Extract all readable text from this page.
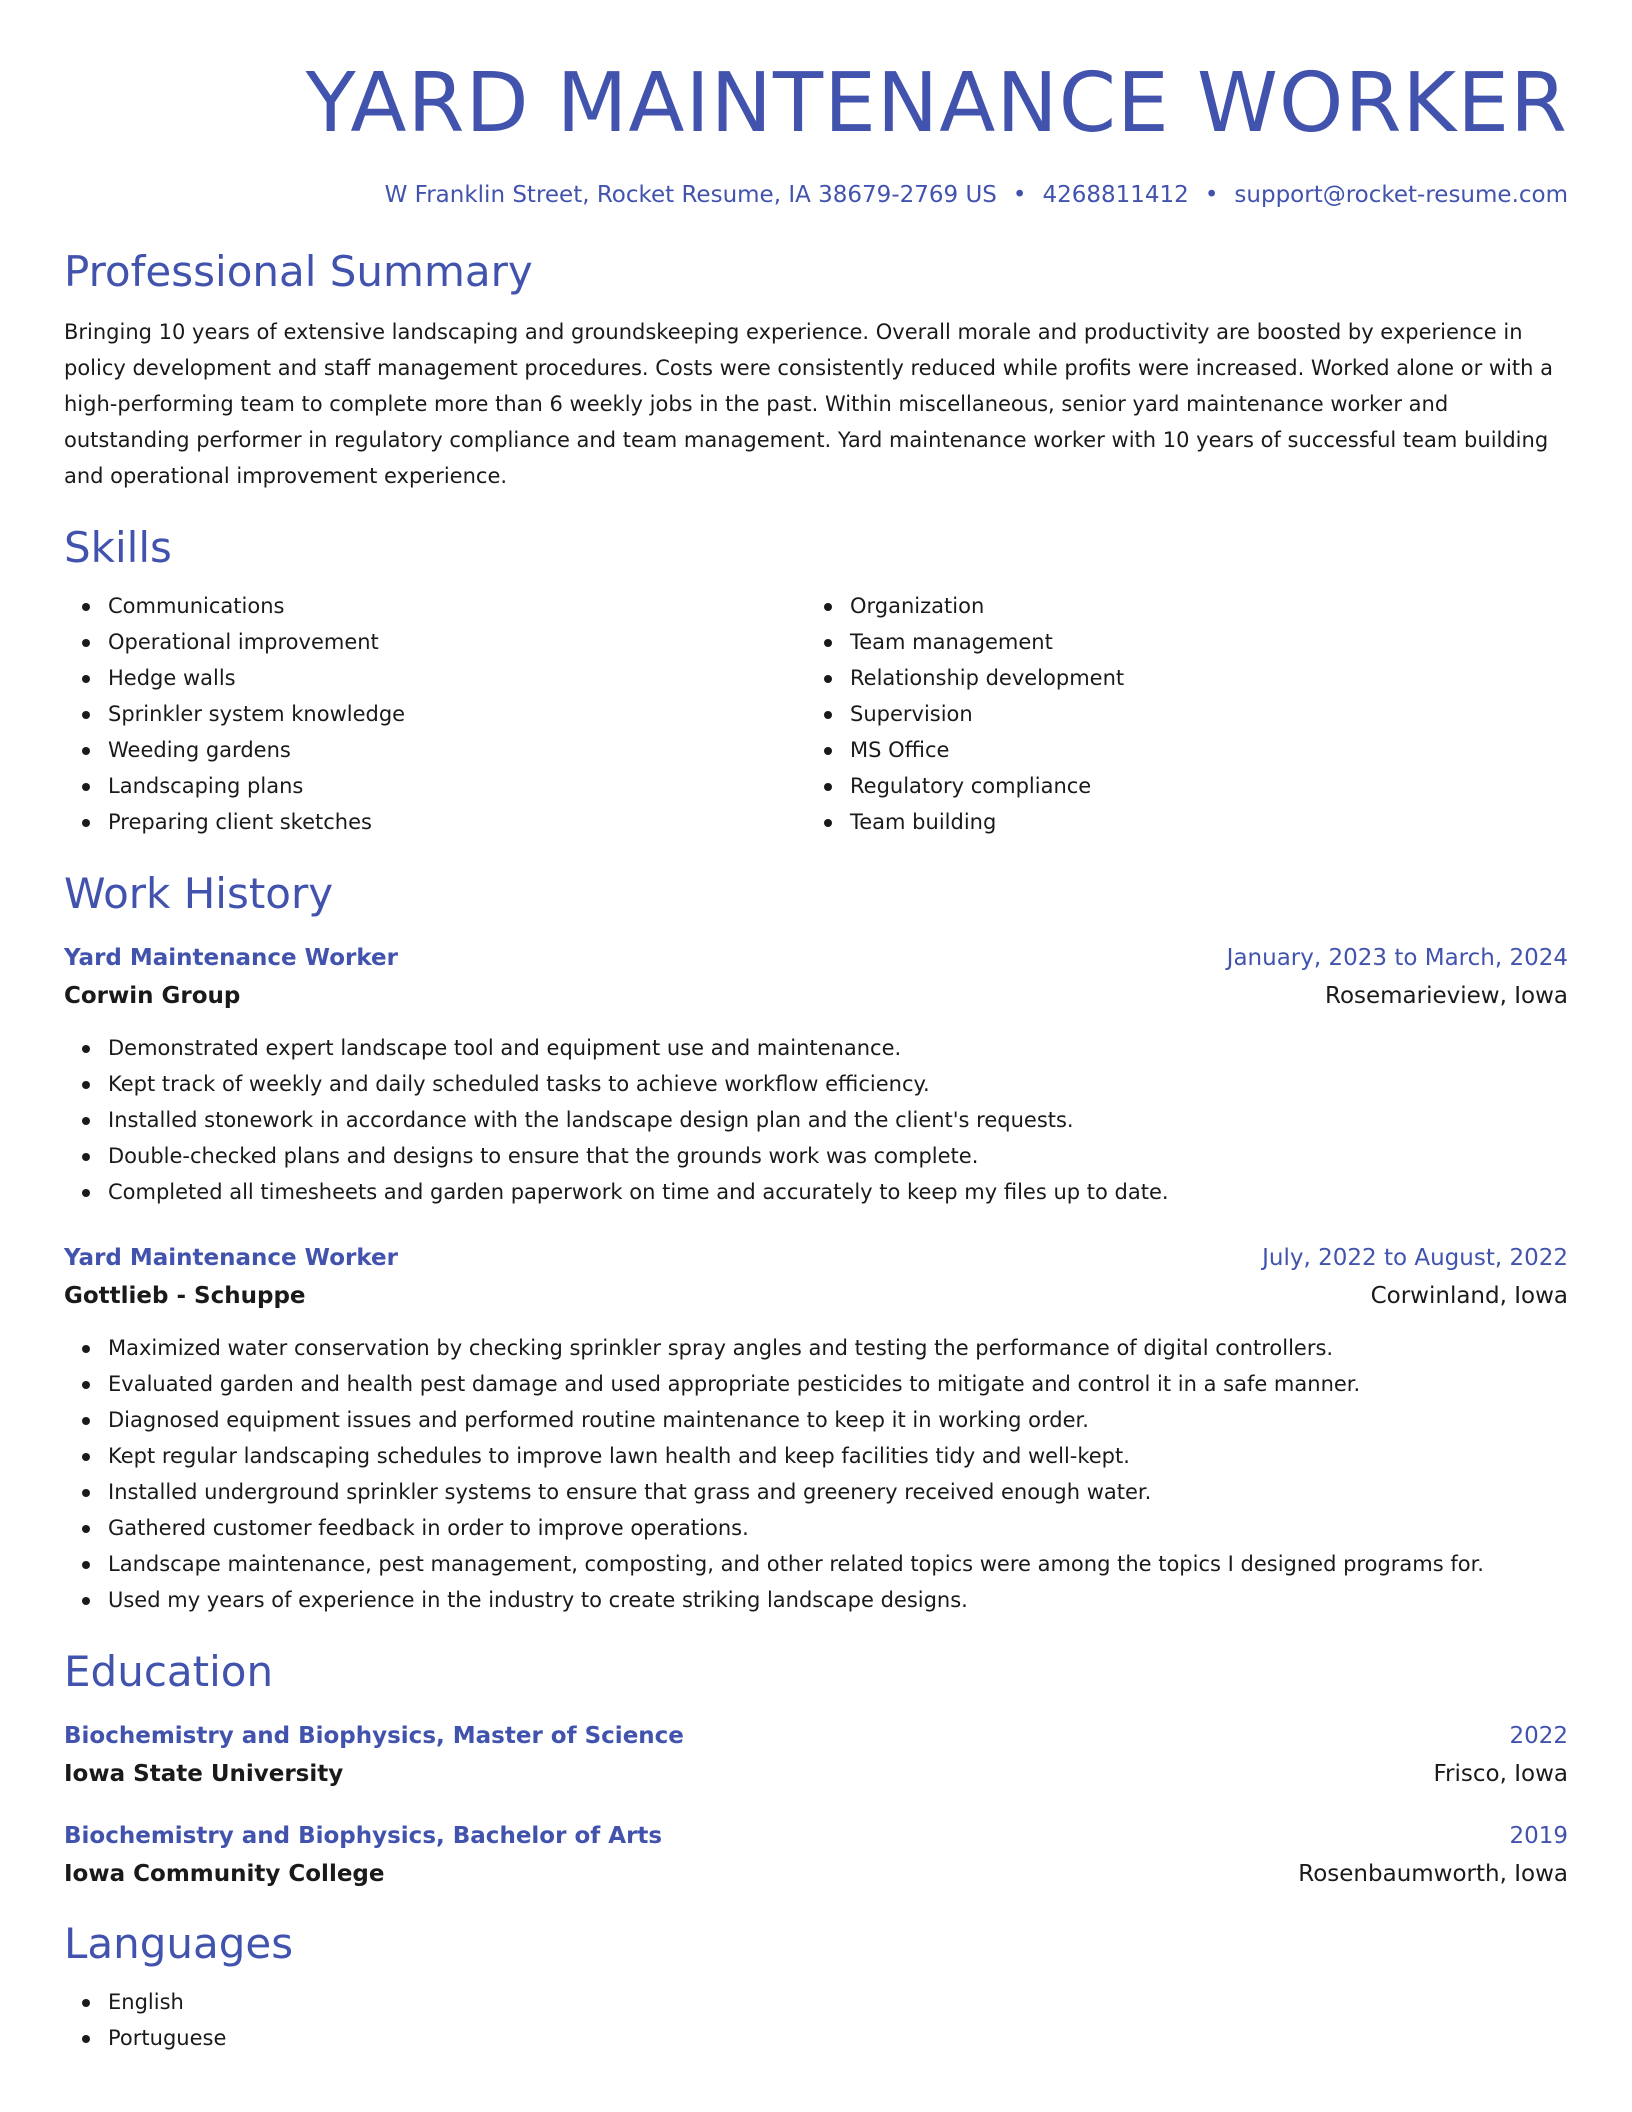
YARD MAINTENANCE WORKER
W Franklin Street, Rocket Resume, IA 38679-2769 US • 4268811412 • support@rocket-resume.com
Professional Summary

Bringing 10 years of extensive landscaping and groundskeeping experience. Overall morale and productivity are boosted by experience in policy development and staff management procedures. Costs were consistently reduced while profits were increased. Worked alone or with a high-performing team to complete more than 6 weekly jobs in the past. Within miscellaneous, senior yard maintenance worker and outstanding performer in regulatory compliance and team management. Yard maintenance worker with 10 years of successful team building and operational improvement experience.

Skills
Communications
Operational improvement
Hedge walls
Sprinkler system knowledge
Weeding gardens
Landscaping plans
Preparing client sketches
Organization
Team management
Relationship development
Supervision
MS Office
Regulatory compliance
Team building
Work History
Yard Maintenance Worker	January, 2023 to March, 2024
Corwin Group	Rosemarieview, Iowa
Demonstrated expert landscape tool and equipment use and maintenance.
Kept track of weekly and daily scheduled tasks to achieve workflow efficiency.
Installed stonework in accordance with the landscape design plan and the client's requests.
Double-checked plans and designs to ensure that the grounds work was complete.
Completed all timesheets and garden paperwork on time and accurately to keep my files up to date.
Yard Maintenance Worker	July, 2022 to August, 2022
Gottlieb - Schuppe	Corwinland, Iowa
Maximized water conservation by checking sprinkler spray angles and testing the performance of digital controllers.
Evaluated garden and health pest damage and used appropriate pesticides to mitigate and control it in a safe manner.
Diagnosed equipment issues and performed routine maintenance to keep it in working order.
Kept regular landscaping schedules to improve lawn health and keep facilities tidy and well-kept.
Installed underground sprinkler systems to ensure that grass and greenery received enough water.
Gathered customer feedback in order to improve operations.
Landscape maintenance, pest management, composting, and other related topics were among the topics I designed programs for.
Used my years of experience in the industry to create striking landscape designs.
Education
Biochemistry and Biophysics, Master of Science	2022
Iowa State University	Frisco, Iowa
Biochemistry and Biophysics, Bachelor of Arts	2019
Iowa Community College	Rosenbaumworth, Iowa
Languages
English
Portuguese
